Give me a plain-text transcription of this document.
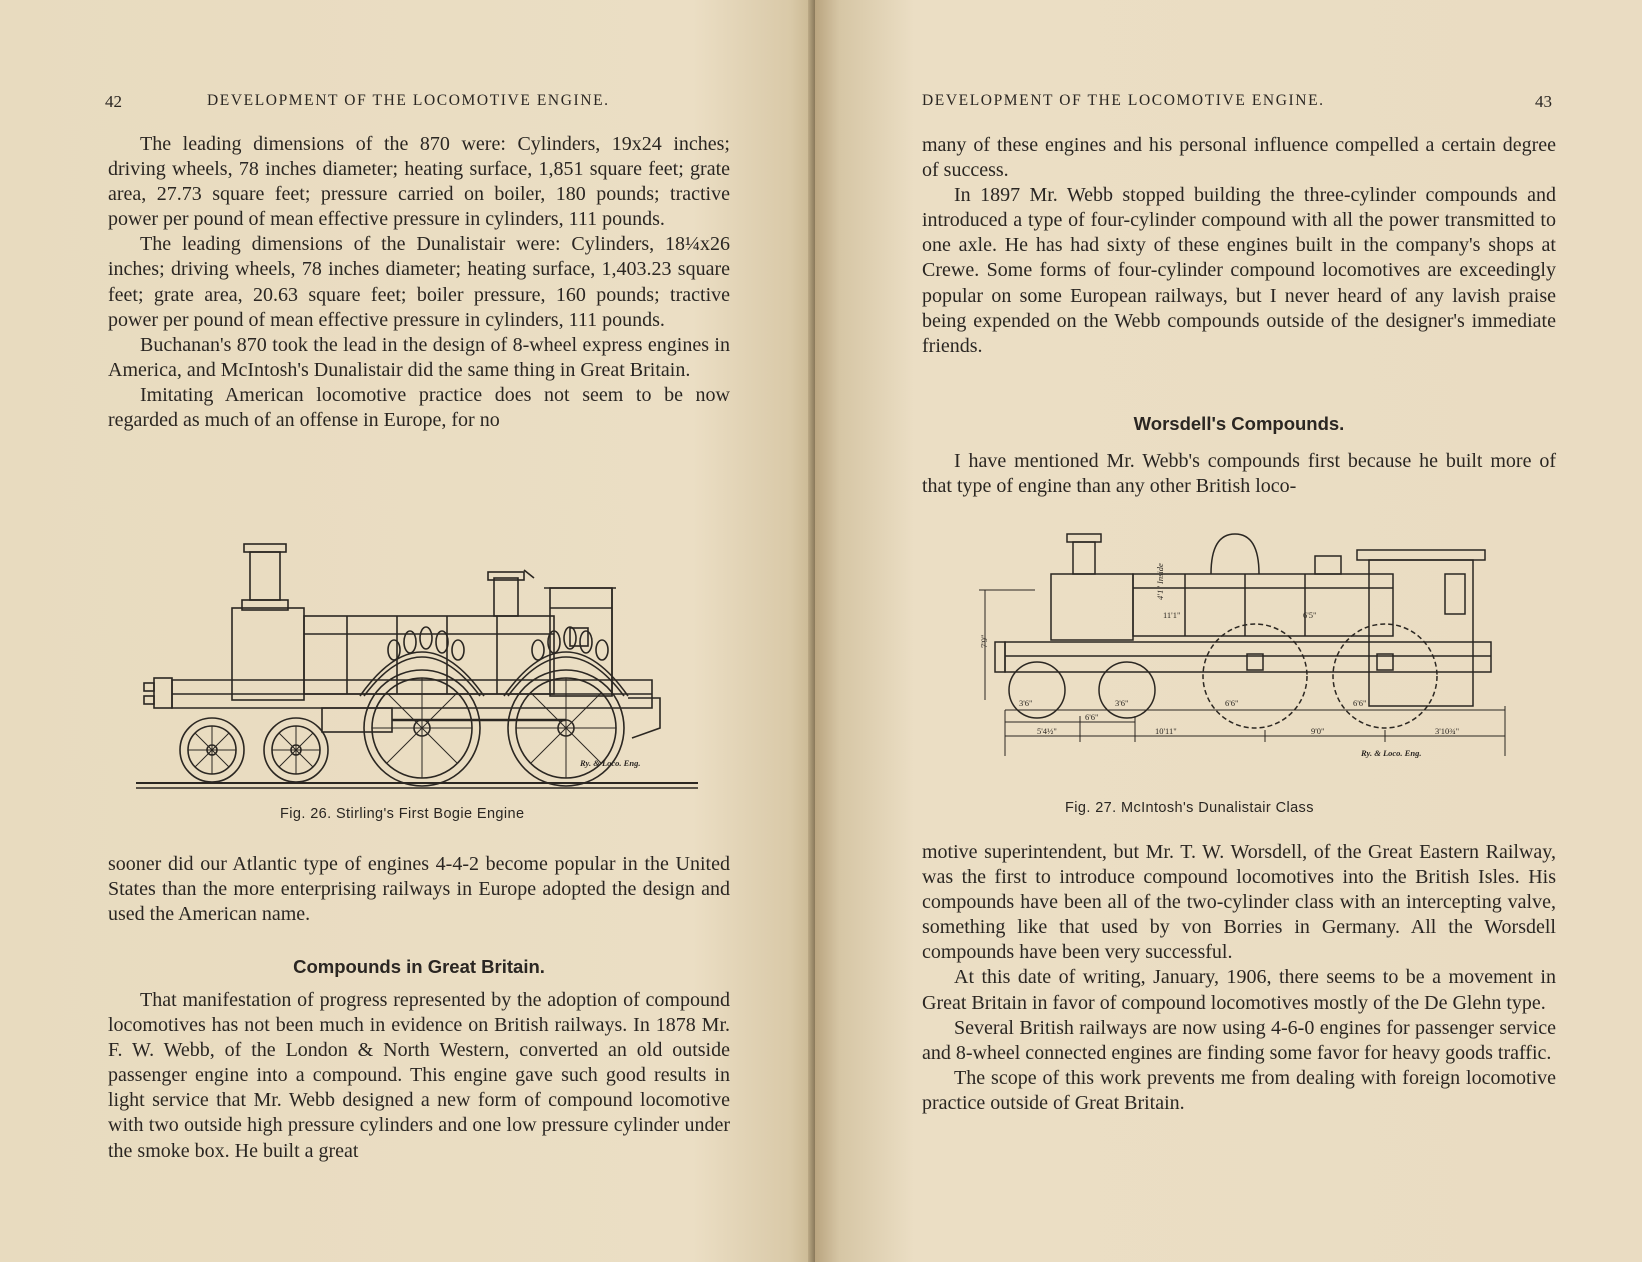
42	DEVELOPMENT OF THE LOCOMOTIVE ENGINE.

The leading dimensions of the 870 were: Cylinders, 19x24 inches; driving wheels, 78 inches diameter; heating surface, 1,851 square feet; grate area, 27.73 square feet; pressure carried on boiler, 180 pounds; tractive power per pound of mean effective pressure in cylinders, 111 pounds.

The leading dimensions of the Dunalistair were: Cylinders, 18¼x26 inches; driving wheels, 78 inches diameter; heating surface, 1,403.23 square feet; grate area, 20.63 square feet; boiler pressure, 160 pounds; tractive power per pound of mean effective pressure in cylinders, 111 pounds.

Buchanan's 870 took the lead in the design of 8-wheel express engines in America, and McIntosh's Dunalistair did the same thing in Great Britain.

Imitating American locomotive practice does not seem to be now regarded as much of an offense in Europe, for no

Ry. & Loco. Eng.
Fig. 26. Stirling's First Bogie Engine

sooner did our Atlantic type of engines 4-4-2 become popular in the United States than the more enterprising railways in Europe adopted the design and used the American name.

Compounds in Great Britain.

That manifestation of progress represented by the adoption of compound locomotives has not been much in evidence on British railways. In 1878 Mr. F. W. Webb, of the London & North Western, converted an old outside passenger engine into a compound. This engine gave such good results in light service that Mr. Webb designed a new form of compound locomotive with two outside high pressure cylinders and one low pressure cylinder under the smoke box. He built a great

DEVELOPMENT OF THE LOCOMOTIVE ENGINE.	43

many of these engines and his personal influence compelled a certain degree of success.

In 1897 Mr. Webb stopped building the three-cylinder compounds and introduced a type of four-cylinder compound with all the power transmitted to one axle. He has had sixty of these engines built in the company's shops at Crewe. Some forms of four-cylinder compound locomotives are exceedingly popular on some European railways, but I never heard of any lavish praise being expended on the Webb compounds outside of the designer's immediate friends.

Worsdell's Compounds.

I have mentioned Mr. Webb's compounds first because he built more of that type of engine than any other British loco-

3'6"	3'6"	6'6"	6'6"
6'6"
5'4½"	10'11"	9'0"	3'10¾"
11'1"	6'5"
7'9"
4'1" Inside
Ry. & Loco. Eng.
Fig. 27. McIntosh's Dunalistair Class

motive superintendent, but Mr. T. W. Worsdell, of the Great Eastern Railway, was the first to introduce compound locomotives into the British Isles. His compounds have been all of the two-cylinder class with an intercepting valve, something like that used by von Borries in Germany. All the Worsdell compounds have been very successful.

At this date of writing, January, 1906, there seems to be a movement in Great Britain in favor of compound locomotives mostly of the De Glehn type.

Several British railways are now using 4-6-0 engines for passenger service and 8-wheel connected engines are finding some favor for heavy goods traffic.

The scope of this work prevents me from dealing with foreign locomotive practice outside of Great Britain.
